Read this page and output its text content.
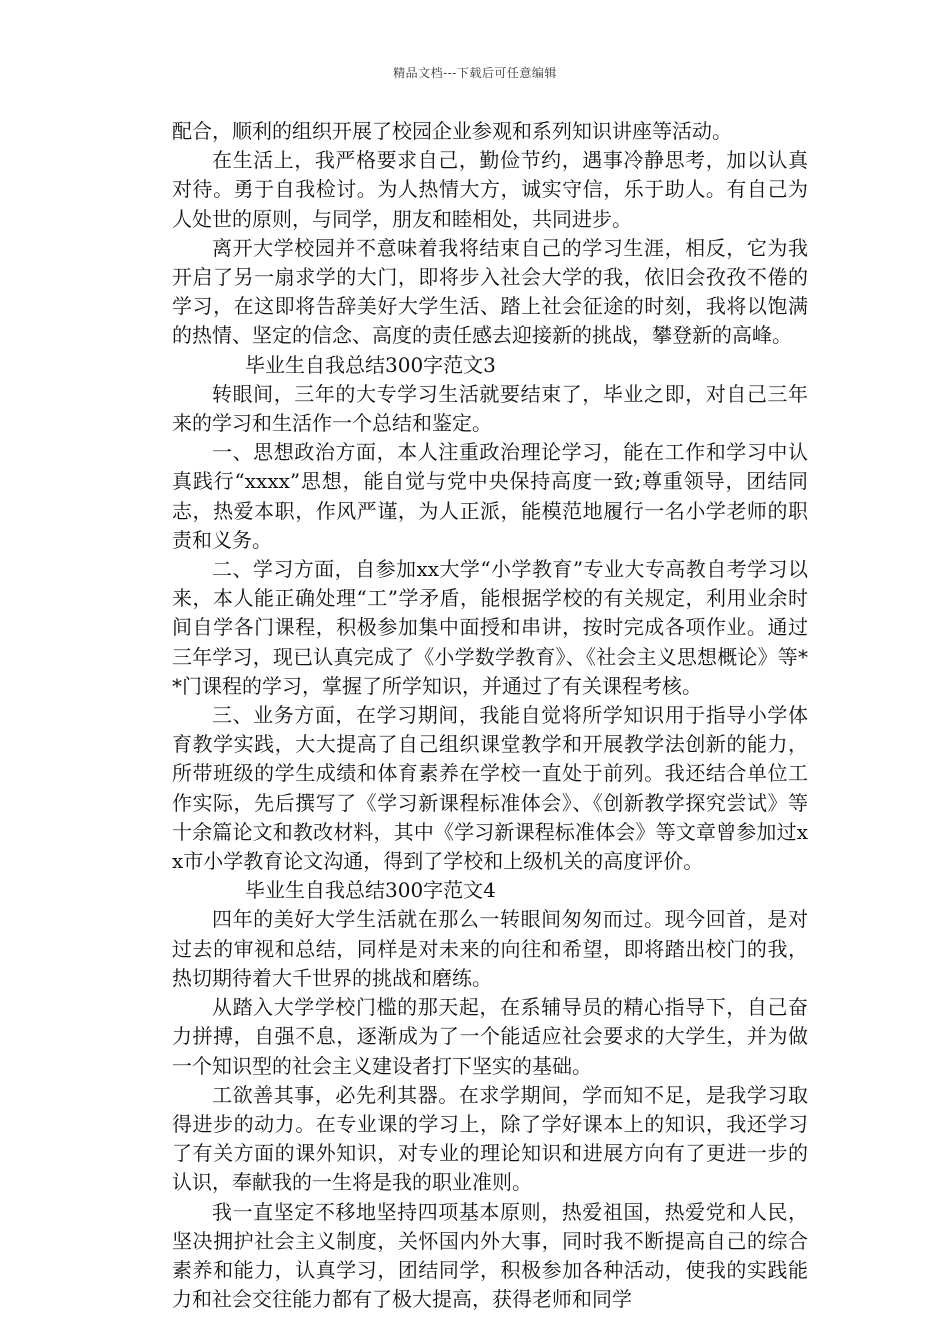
精品文档---下载后可任意编辑

配合，顺利的组织开展了校园企业参观和系列知识讲座等活动。

在生活上，我严格要求自己，勤俭节约，遇事冷静思考，加以认真对待。勇于自我检讨。为人热情大方，诚实守信，乐于助人。有自己为人处世的原则，与同学，朋友和睦相处，共同进步。

离开大学校园并不意味着我将结束自己的学习生涯，相反，它为我开启了另一扇求学的大门，即将步入社会大学的我，依旧会孜孜不倦的学习，在这即将告辞美好大学生活、踏上社会征途的时刻，我将以饱满的热情、坚定的信念、高度的责任感去迎接新的挑战，攀登新的高峰。

毕业生自我总结300字范文3

转眼间，三年的大专学习生活就要结束了，毕业之即，对自己三年来的学习和生活作一个总结和鉴定。

一、思想政治方面，本人注重政治理论学习，能在工作和学习中认真践行“xxxx”思想，能自觉与党中央保持高度一致;尊重领导，团结同志，热爱本职，作风严谨，为人正派，能模范地履行一名小学老师的职责和义务。

二、学习方面，自参加xx大学“小学教育”专业大专高教自考学习以来，本人能正确处理“工”学矛盾，能根据学校的有关规定，利用业余时间自学各门课程，积极参加集中面授和串讲，按时完成各项作业。通过三年学习，现已认真完成了《小学数学教育》、《社会主义思想概论》等**门课程的学习，掌握了所学知识，并通过了有关课程考核。

三、业务方面，在学习期间，我能自觉将所学知识用于指导小学体育教学实践，大大提高了自己组织课堂教学和开展教学法创新的能力，所带班级的学生成绩和体育素养在学校一直处于前列。我还结合单位工作实际，先后撰写了《学习新课程标准体会》、《创新教学探究尝试》等十余篇论文和教改材料，其中《学习新课程标准体会》等文章曾参加过xx市小学教育论文沟通，得到了学校和上级机关的高度评价。

毕业生自我总结300字范文4

四年的美好大学生活就在那么一转眼间匆匆而过。现今回首，是对过去的审视和总结，同样是对未来的向往和希望，即将踏出校门的我，热切期待着大千世界的挑战和磨练。

从踏入大学学校门槛的那天起，在系辅导员的精心指导下，自己奋力拼搏，自强不息，逐渐成为了一个能适应社会要求的大学生，并为做一个知识型的社会主义建设者打下坚实的基础。

工欲善其事，必先利其器。在求学期间，学而知不足，是我学习取得进步的动力。在专业课的学习上，除了学好课本上的知识，我还学习了有关方面的课外知识，对专业的理论知识和进展方向有了更进一步的认识，奉献我的一生将是我的职业准则。

我一直坚定不移地坚持四项基本原则，热爱祖国，热爱党和人民，坚决拥护社会主义制度，关怀国内外大事，同时我不断提高自己的综合素养和能力，认真学习，团结同学，积极参加各种活动，使我的实践能力和社会交往能力都有了极大提高，获得老师和同学
